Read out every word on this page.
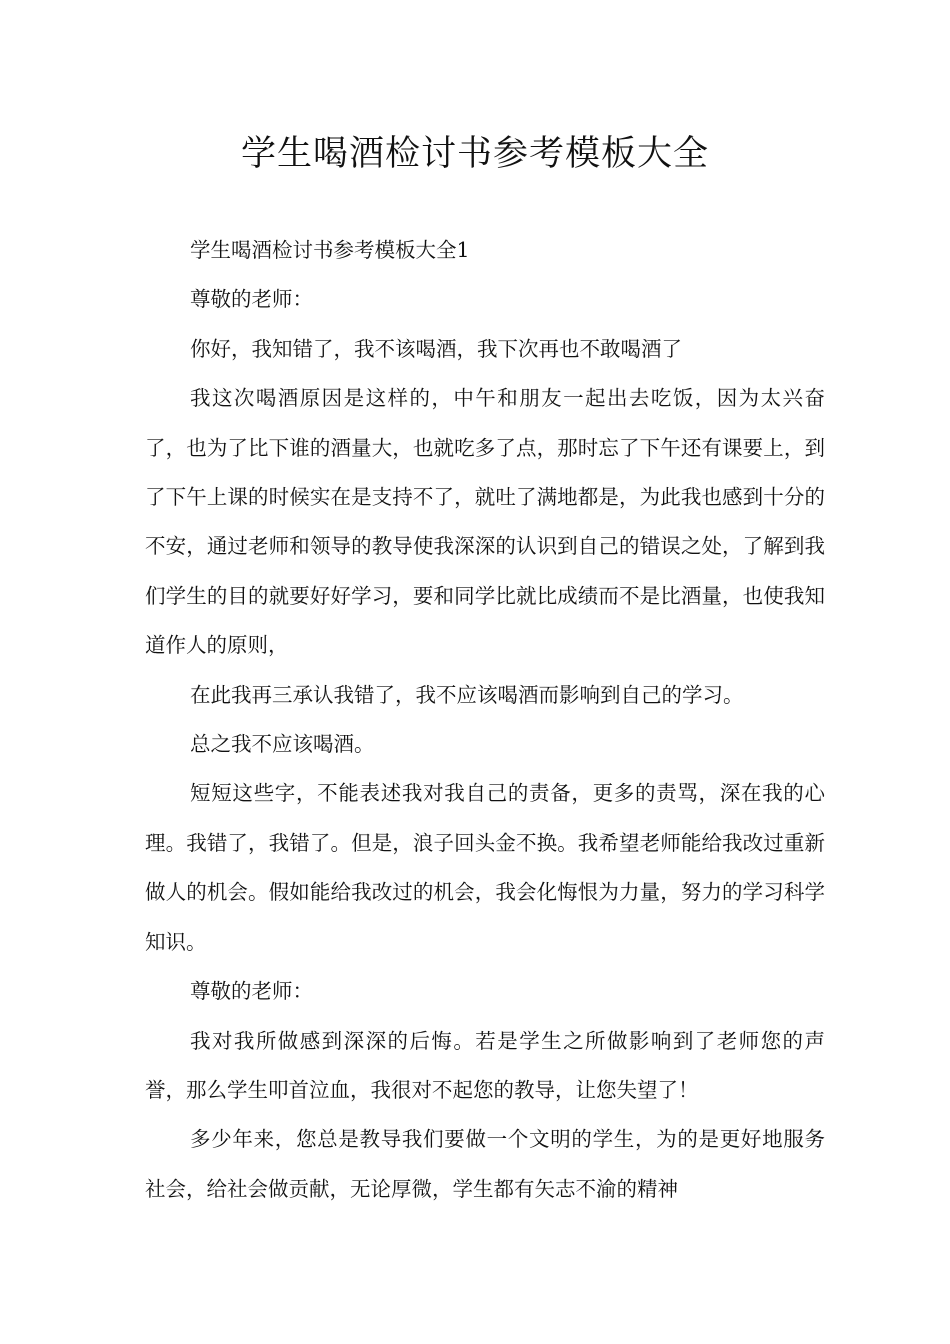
学生喝酒检讨书参考模板大全

学生喝酒检讨书参考模板大全1

尊敬的老师：

你好，我知错了，我不该喝酒，我下次再也不敢喝酒了

我这次喝酒原因是这样的，中午和朋友一起出去吃饭，因为太兴奋了，也为了比下谁的酒量大，也就吃多了点，那时忘了下午还有课要上，到了下午上课的时候实在是支持不了，就吐了满地都是，为此我也感到十分的不安，通过老师和领导的教导使我深深的认识到自己的错误之处，了解到我们学生的目的就要好好学习，要和同学比就比成绩而不是比酒量，也使我知道作人的原则，

在此我再三承认我错了，我不应该喝酒而影响到自己的学习。

总之我不应该喝酒。

短短这些字，不能表述我对我自己的责备，更多的责骂，深在我的心理。我错了，我错了。但是，浪子回头金不换。我希望老师能给我改过重新做人的机会。假如能给我改过的机会，我会化悔恨为力量，努力的学习科学知识。

尊敬的老师：

我对我所做感到深深的后悔。若是学生之所做影响到了老师您的声誉，那么学生叩首泣血，我很对不起您的教导，让您失望了！

多少年来，您总是教导我们要做一个文明的学生，为的是更好地服务社会，给社会做贡献，无论厚微，学生都有矢志不渝的精神
